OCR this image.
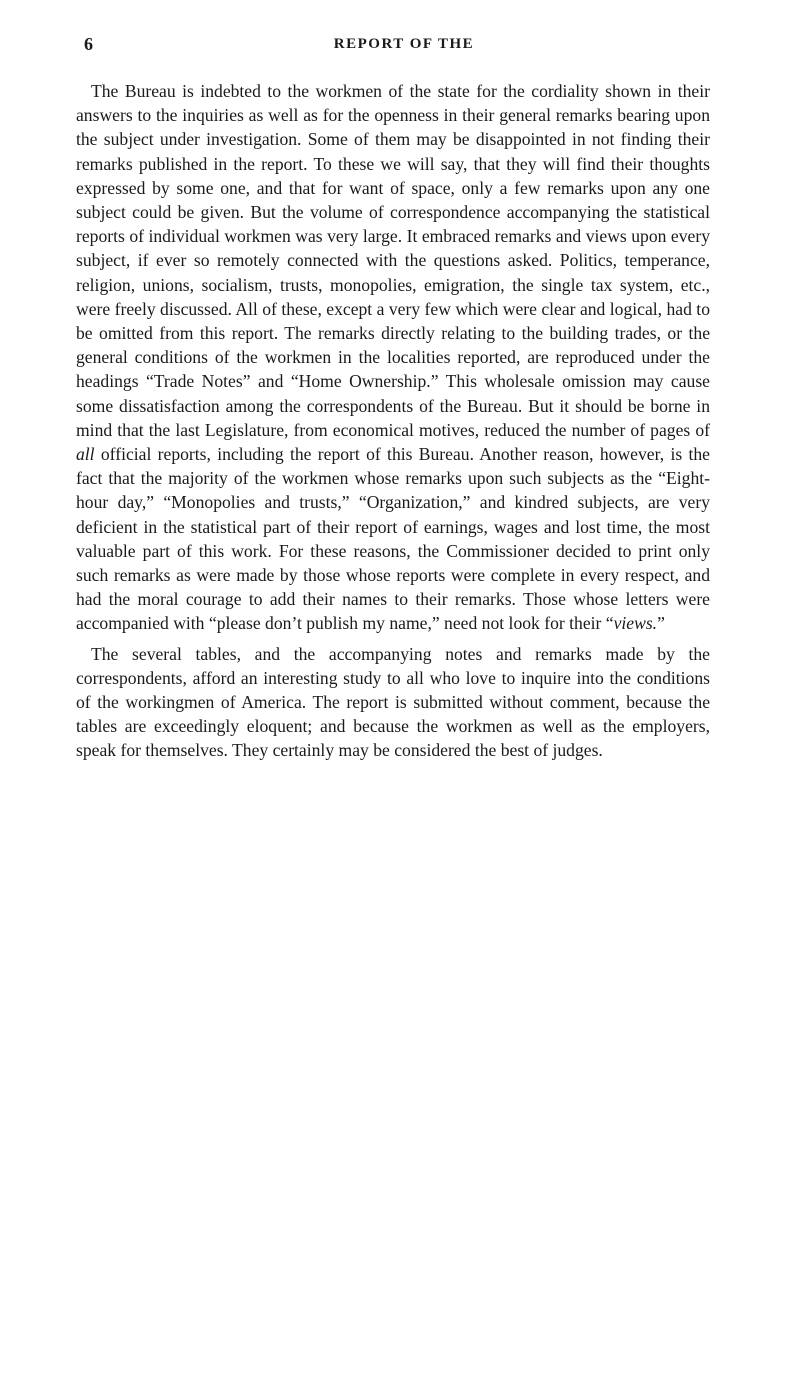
6	REPORT OF THE

The Bureau is indebted to the workmen of the state for the cordiality shown in their answers to the inquiries as well as for the openness in their general remarks bearing upon the subject under investigation. Some of them may be disappointed in not finding their remarks published in the report. To these we will say, that they will find their thoughts expressed by some one, and that for want of space, only a few remarks upon any one subject could be given. But the volume of correspondence accompanying the statistical reports of individual workmen was very large. It embraced remarks and views upon every subject, if ever so remotely connected with the questions asked. Politics, temperance, religion, unions, socialism, trusts, monopolies, emigration, the single tax system, etc., were freely discussed. All of these, except a very few which were clear and logical, had to be omitted from this report. The remarks directly relating to the building trades, or the general conditions of the workmen in the localities reported, are reproduced under the headings “Trade Notes” and “Home Ownership.” This wholesale omission may cause some dissatisfaction among the correspondents of the Bureau. But it should be borne in mind that the last Legislature, from economical motives, reduced the number of pages of all official reports, including the report of this Bureau. Another reason, however, is the fact that the majority of the workmen whose remarks upon such subjects as the “Eight-hour day,” “Monopolies and trusts,” “Organization,” and kindred subjects, are very deficient in the statistical part of their report of earnings, wages and lost time, the most valuable part of this work. For these reasons, the Commissioner decided to print only such remarks as were made by those whose reports were complete in every respect, and had the moral courage to add their names to their remarks. Those whose letters were accompanied with “please don’t publish my name,” need not look for their “views.”

The several tables, and the accompanying notes and remarks made by the correspondents, afford an interesting study to all who love to inquire into the conditions of the workingmen of America. The report is submitted without comment, because the tables are exceedingly eloquent; and because the workmen as well as the employers, speak for themselves. They certainly may be considered the best of judges.
